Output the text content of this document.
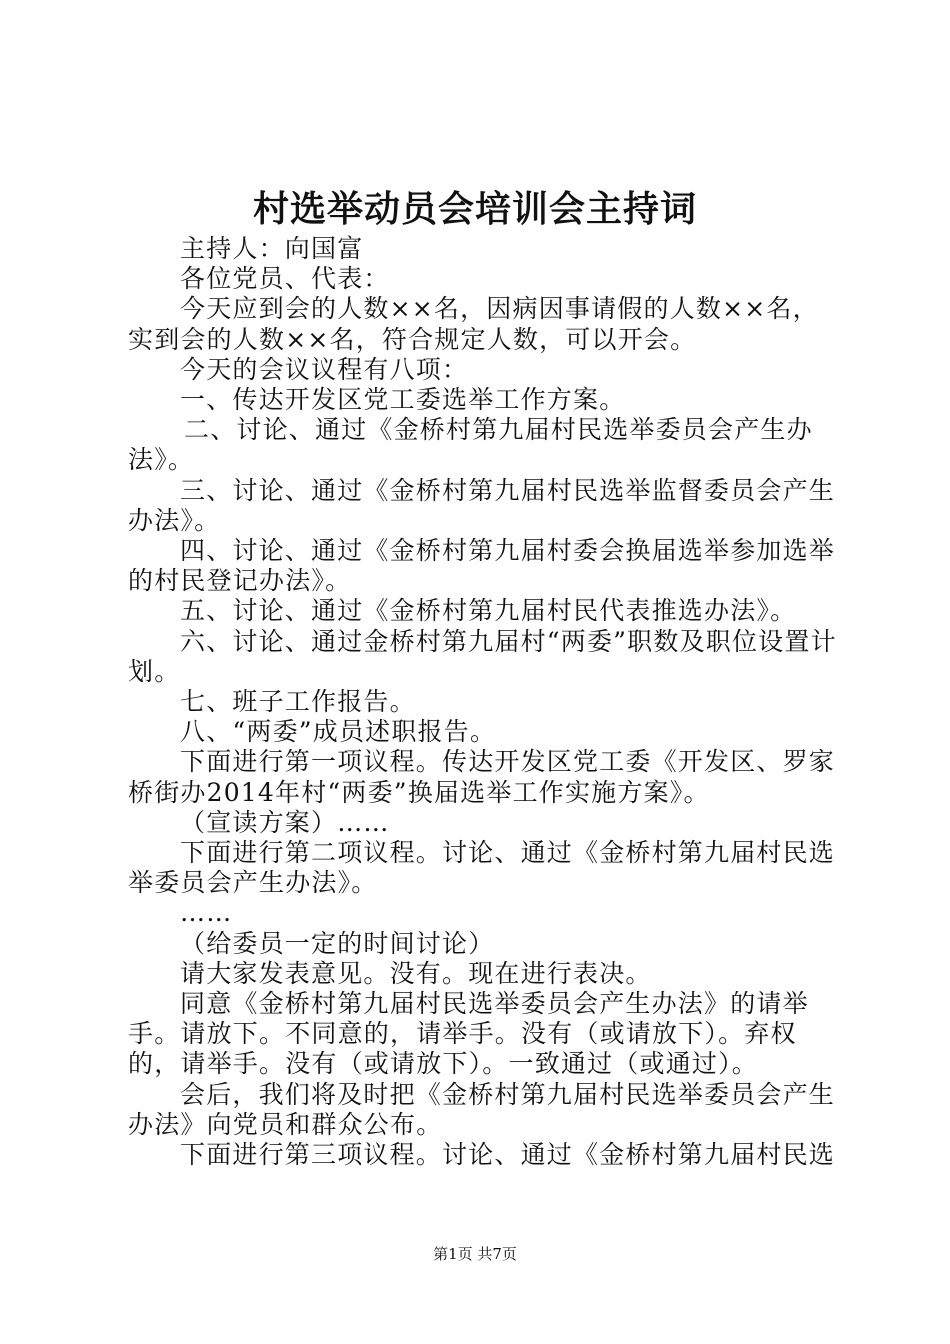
村选举动员会培训会主持词

主持人：向国富

各位党员、代表：

今天应到会的人数××名，因病因事请假的人数××名，实到会的人数××名，符合规定人数，可以开会。

今天的会议议程有八项：

一、传达开发区党工委选举工作方案。

二、讨论、通过《金桥村第九届村民选举委员会产生办法》。

三、讨论、通过《金桥村第九届村民选举监督委员会产生办法》。

四、讨论、通过《金桥村第九届村委会换届选举参加选举的村民登记办法》。

五、讨论、通过《金桥村第九届村民代表推选办法》。

六、讨论、通过金桥村第九届村“两委”职数及职位设置计划。

七、班子工作报告。

八、“两委”成员述职报告。

下面进行第一项议程。传达开发区党工委《开发区、罗家桥街办2014年村“两委”换届选举工作实施方案》。

（宣读方案）……

下面进行第二项议程。讨论、通过《金桥村第九届村民选举委员会产生办法》。

……

（给委员一定的时间讨论）

请大家发表意见。没有。现在进行表决。

同意《金桥村第九届村民选举委员会产生办法》的请举手。请放下。不同意的，请举手。没有（或请放下）。弃权的，请举手。没有（或请放下）。一致通过（或通过）。

会后，我们将及时把《金桥村第九届村民选举委员会产生办法》向党员和群众公布。

下面进行第三项议程。讨论、通过《金桥村第九届村民选

第1页 共7页
